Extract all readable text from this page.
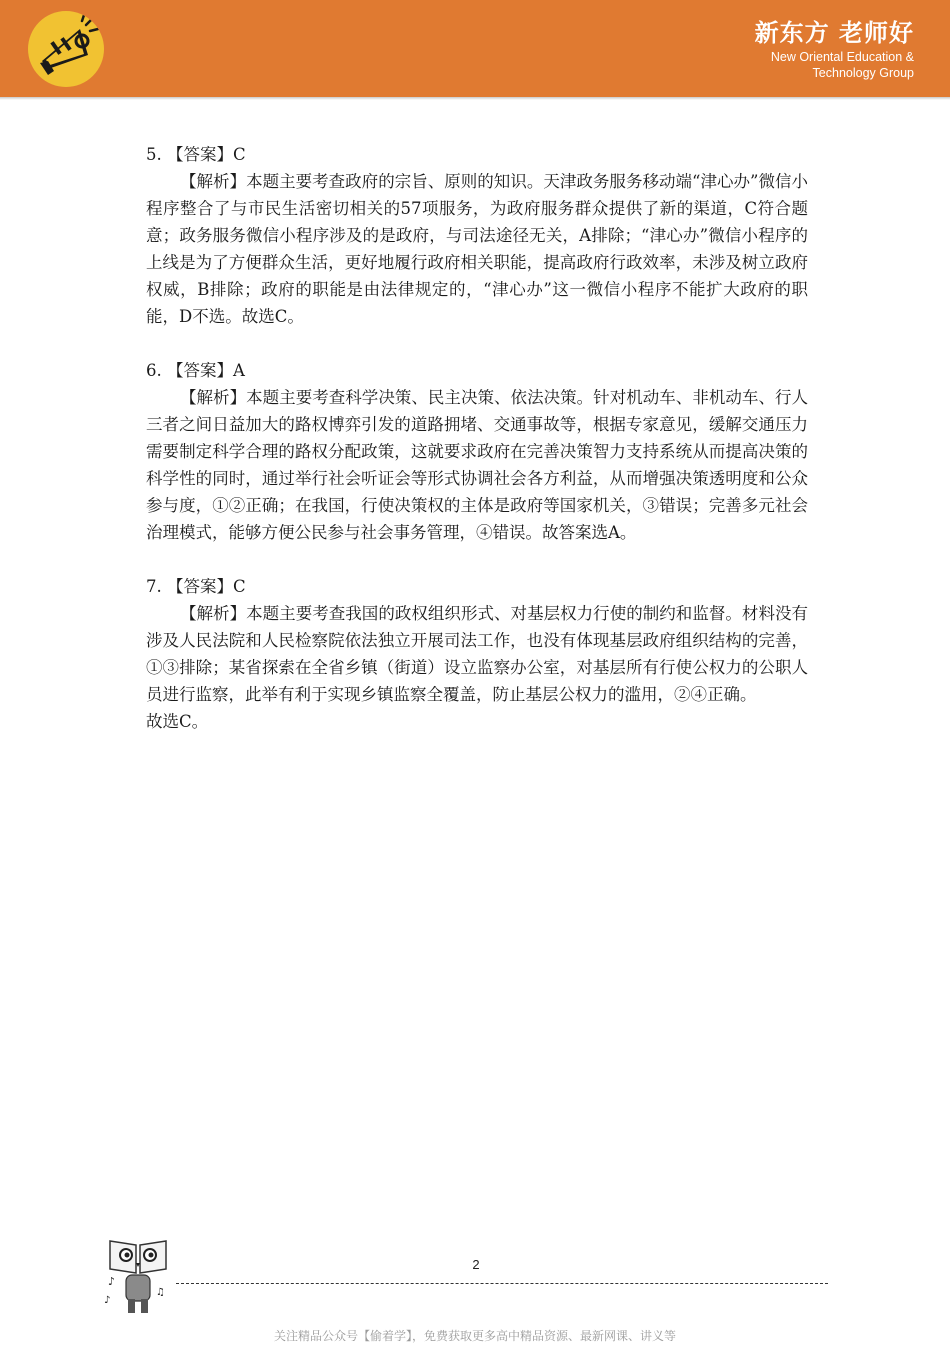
新东方 老师好
New Oriental Education &
Technology Group

5. 【答案】C

【解析】本题主要考查政府的宗旨、原则的知识。天津政务服务移动端“津心办”微信小程序整合了与市民生活密切相关的57项服务，为政府服务群众提供了新的渠道，C符合题意；政务服务微信小程序涉及的是政府，与司法途径无关，A排除；“津心办”微信小程序的上线是为了方便群众生活，更好地履行政府相关职能，提高政府行政效率，未涉及树立政府权威，B排除；政府的职能是由法律规定的，“津心办”这一微信小程序不能扩大政府的职能，D不选。故选C。

6. 【答案】A

【解析】本题主要考查科学决策、民主决策、依法决策。针对机动车、非机动车、行人三者之间日益加大的路权博弈引发的道路拥堵、交通事故等，根据专家意见，缓解交通压力需要制定科学合理的路权分配政策，这就要求政府在完善决策智力支持系统从而提高决策的科学性的同时，通过举行社会听证会等形式协调社会各方利益，从而增强决策透明度和公众参与度，①②正确；在我国，行使决策权的主体是政府等国家机关，③错误；完善多元社会治理模式，能够方便公民参与社会事务管理，④错误。故答案选A。

7. 【答案】C

【解析】本题主要考查我国的政权组织形式、对基层权力行使的制约和监督。材料没有涉及人民法院和人民检察院依法独立开展司法工作，也没有体现基层政府组织结构的完善，①③排除；某省探索在全省乡镇（街道）设立监察办公室，对基层所有行使公权力的公职人员进行监察，此举有利于实现乡镇监察全覆盖，防止基层公权力的滥用，②④正确。

故选C。

♪
♫
♪
2
关注精品公众号【偷着学】，免费获取更多高中精品资源、最新网课、讲义等
